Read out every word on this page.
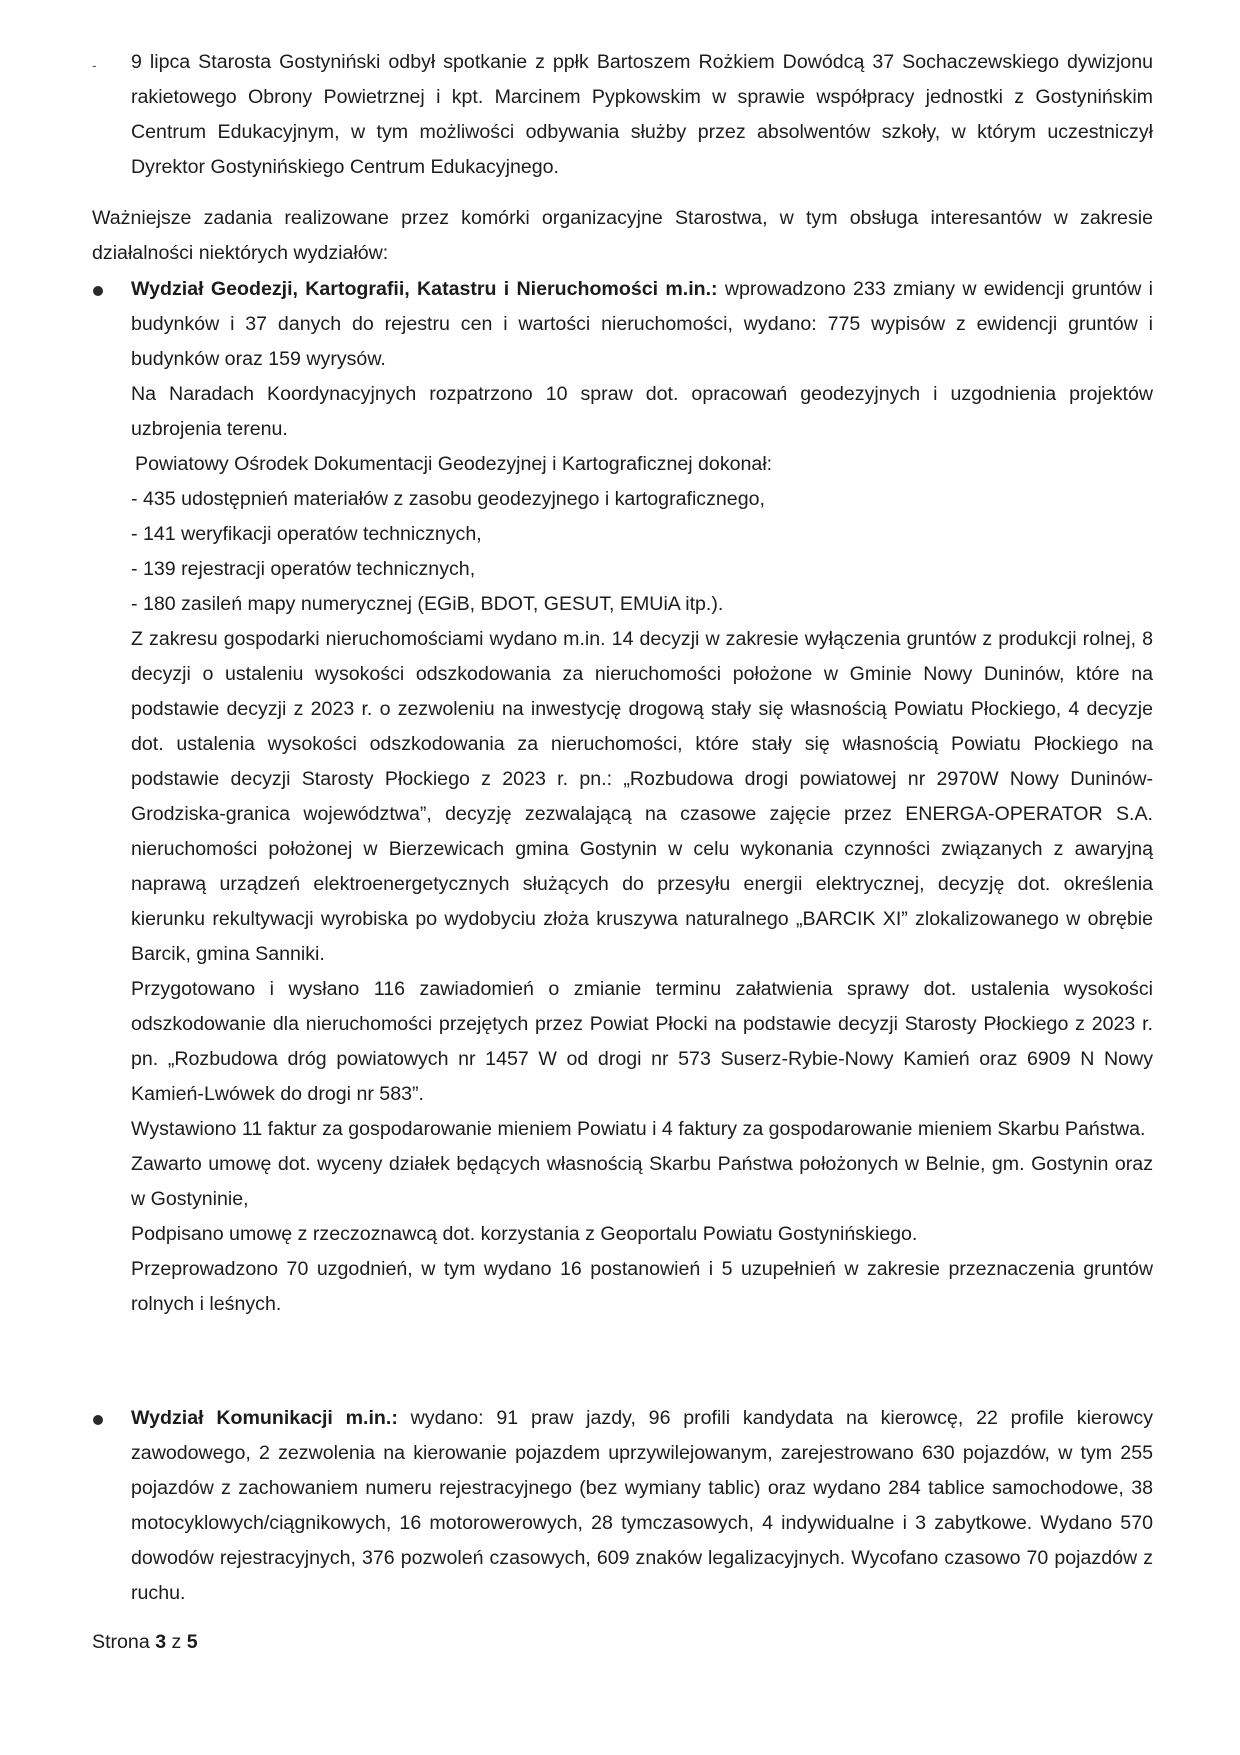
- 9 lipca Starosta Gostyniński odbył spotkanie z ppłk Bartoszem Rożkiem Dowódcą 37 Sochaczewskiego dywizjonu rakietowego Obrony Powietrznej i kpt. Marcinem Pypkowskim w sprawie współpracy jednostki z Gostynińskim Centrum Edukacyjnym, w tym możliwości odbywania służby przez absolwentów szkoły, w którym uczestniczył Dyrektor Gostynińskiego Centrum Edukacyjnego.

Ważniejsze zadania realizowane przez komórki organizacyjne Starostwa, w tym obsługa interesantów w zakresie działalności niektórych wydziałów:

Wydział Geodezji, Kartografii, Katastru i Nieruchomości m.in.: wprowadzono 233 zmiany w ewidencji gruntów i budynków i 37 danych do rejestru cen i wartości nieruchomości, wydano: 775 wypisów z ewidencji gruntów i budynków oraz 159 wyrysów.
Na Naradach Koordynacyjnych rozpatrzono 10 spraw dot. opracowań geodezyjnych i uzgodnienia projektów uzbrojenia terenu.
Powiatowy Ośrodek Dokumentacji Geodezyjnej i Kartograficznej dokonał:
- 435 udostępnień materiałów z zasobu geodezyjnego i kartograficznego,
- 141 weryfikacji operatów technicznych,
- 139 rejestracji operatów technicznych,
- 180 zasileń mapy numerycznej (EGiB, BDOT, GESUT, EMUiA itp.).
Z zakresu gospodarki nieruchomościami wydano m.in. 14 decyzji w zakresie wyłączenia gruntów z produkcji rolnej, 8 decyzji o ustaleniu wysokości odszkodowania za nieruchomości położone w Gminie Nowy Duninów, które na podstawie decyzji z 2023 r. o zezwoleniu na inwestycję drogową stały się własnością Powiatu Płockiego, 4 decyzje dot. ustalenia wysokości odszkodowania za nieruchomości, które stały się własnością Powiatu Płockiego na podstawie decyzji Starosty Płockiego z 2023 r. pn.: „Rozbudowa drogi powiatowej nr 2970W Nowy Duninów-Grodziska-granica województwa”, decyzję zezwalającą na czasowe zajęcie przez ENERGA-OPERATOR S.A. nieruchomości położonej w Bierzewicach gmina Gostynin w celu wykonania czynności związanych z awaryjną naprawą urządzeń elektroenergetycznych służących do przesyłu energii elektrycznej, decyzję dot. określenia kierunku rekultywacji wyrobiska po wydobyciu złoża kruszywa naturalnego „BARCIK XI” zlokalizowanego w obrębie Barcik, gmina Sanniki.
Przygotowano i wysłano 116 zawiadomień o zmianie terminu załatwienia sprawy dot. ustalenia wysokości odszkodowanie dla nieruchomości przejętych przez Powiat Płocki na podstawie decyzji Starosty Płockiego z 2023 r. pn. „Rozbudowa dróg powiatowych nr 1457 W od drogi nr 573 Suserz-Rybie-Nowy Kamień oraz 6909 N Nowy Kamień-Lwówek do drogi nr 583”.
Wystawiono 11 faktur za gospodarowanie mieniem Powiatu i 4 faktury za gospodarowanie mieniem Skarbu Państwa.
Zawarto umowę dot. wyceny działek będących własnością Skarbu Państwa położonych w Belnie, gm. Gostynin oraz w Gostyninie,
Podpisano umowę z rzeczoznawcą dot. korzystania z Geoportalu Powiatu Gostynińskiego.
Przeprowadzono 70 uzgodnień, w tym wydano 16 postanowień i 5 uzupełnień w zakresie przeznaczenia gruntów rolnych i leśnych.
Wydział Komunikacji m.in.: wydano: 91 praw jazdy, 96 profili kandydata na kierowcę, 22 profile kierowcy zawodowego, 2 zezwolenia na kierowanie pojazdem uprzywilejowanym, zarejestrowano 630 pojazdów, w tym 255 pojazdów z zachowaniem numeru rejestracyjnego (bez wymiany tablic) oraz wydano 284 tablice samochodowe, 38 motocyklowych/ciągnikowych, 16 motorowerowych, 28 tymczasowych, 4 indywidualne i 3 zabytkowe. Wydano 570 dowodów rejestracyjnych, 376 pozwoleń czasowych, 609 znaków legalizacyjnych. Wycofano czasowo 70 pojazdów z ruchu.
Strona 3 z 5
